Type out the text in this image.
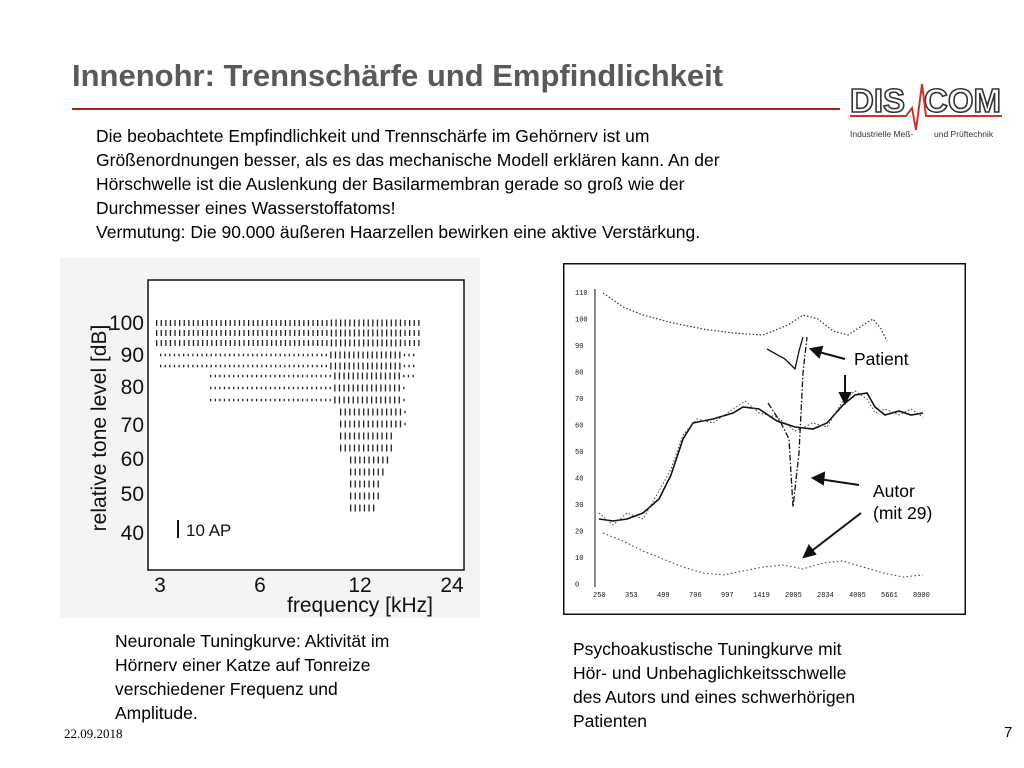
Innenohr: Trennschärfe und Empfindlichkeit
DIS COM
Industrielle Meß- und Prüftechnik

Die beobachtete Empfindlichkeit und Trennschärfe im Gehörnerv ist um

Größenordnungen besser, als es das mechanische Modell erklären kann. An der

Hörschwelle ist die Auslenkung der Basilarmembran gerade so groß wie der

Durchmesser eines Wasserstoffatoms!

Vermutung: Die 90.000 äußeren Haarzellen bewirken eine aktive Verstärkung.

100
90
80
70
60
50
40
3	6	12	24
frequency [kHz]
relative tone level [dB]	10 AP
110
100
90
80
70
60
50
40
30
20
10
0
250	353	499	706	997	1419 2005 2834 4005 5661 8000
Patient
Autor
(mit 29)
Neuronale Tuningkurve: Aktivität im
Hörnerv einer Katze auf Tonreize
verschiedener Frequenz und
Amplitude.
Psychoakustische Tuningkurve mit
Hör- und Unbehaglichkeitsschwelle
des Autors und eines schwerhörigen
Patienten
22.09.2018	7
